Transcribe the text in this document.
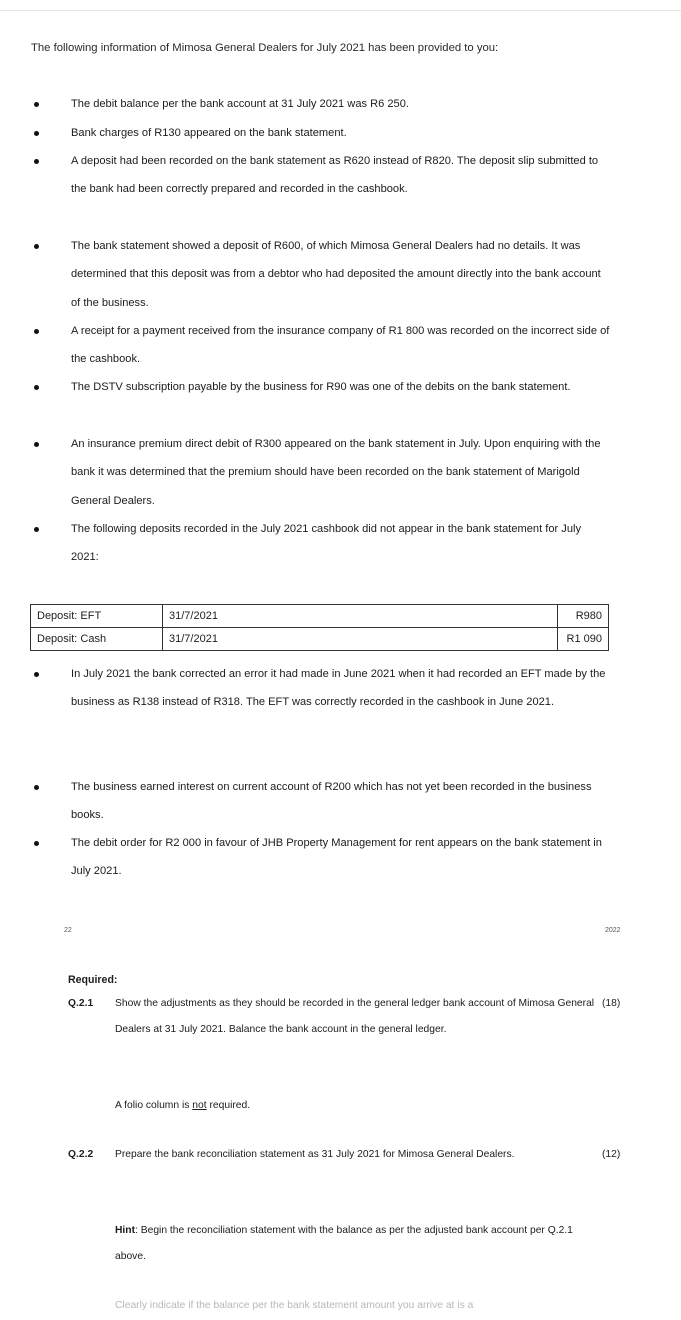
The following information of Mimosa General Dealers for July 2021 has been provided to you:
The debit balance per the bank account at 31 July 2021 was R6 250.
Bank charges of R130 appeared on the bank statement.
A deposit had been recorded on the bank statement as R620 instead of R820. The deposit slip submitted to the bank had been correctly prepared and recorded in the cashbook.
The bank statement showed a deposit of R600, of which Mimosa General Dealers had no details. It was determined that this deposit was from a debtor who had deposited the amount directly into the bank account of the business.
A receipt for a payment received from the insurance company of R1 800 was recorded on the incorrect side of the cashbook.
The DSTV subscription payable by the business for R90 was one of the debits on the bank statement.
An insurance premium direct debit of R300 appeared on the bank statement in July. Upon enquiring with the bank it was determined that the premium should have been recorded on the bank statement of Marigold General Dealers.
The following deposits recorded in the July 2021 cashbook did not appear in the bank statement for July 2021:
Deposit: EFT	31/7/2021	R980
Deposit: Cash	31/7/2021	R1 090
In July 2021 the bank corrected an error it had made in June 2021 when it had recorded an EFT made by the business as R138 instead of R318. The EFT was correctly recorded in the cashbook in June 2021.
The business earned interest on current account of R200 which has not yet been recorded in the business books.
The debit order for R2 000 in favour of JHB Property Management for rent appears on the bank statement in July 2021.
22	2022
Required:
Q.2.1 Show the adjustments as they should be recorded in the general ledger bank account of Mimosa General Dealers at 31 July 2021. Balance the bank account in the general ledger.
(18)
A folio column is not required.
Q.2.2 Prepare the bank reconciliation statement as 31 July 2021 for Mimosa General Dealers.	(12)
Hint: Begin the reconciliation statement with the balance as per the adjusted bank account per Q.2.1 above.
Clearly indicate if the balance per the bank statement amount you arrive at is a
